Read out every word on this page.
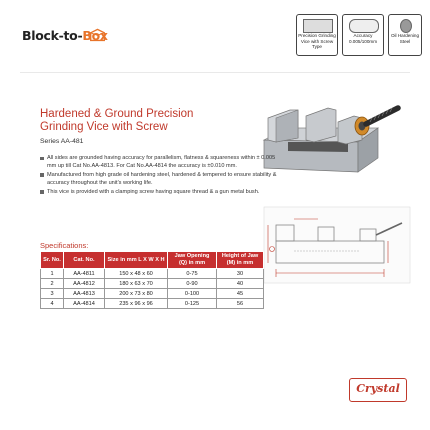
Block-to-Box	Precision Grinding Vice with Screw Type
Accuracy 0.005/100mm
Oil Hardening Steel
Hardened & Ground Precision Grinding Vice with Screw
Series AA-481
All sides are grounded having accuracy for parallelism, flatness & squareness within ± 0.005 mm up till Cat No.AA-4813. For Cat No.AA-4814 the accuracy is ±0.010 mm.
Manufactured from high grade oil hardening steel, hardened & tempered to ensure stability & accuracy throughout the unit's working life.
This vice is provided with a clamping screw having square thread & a gun metal bush.
Specifications:
Sr. No.	Cat. No.	Size in mm L X W X H	Jaw Opening (Q) in mm	Height of Jaw (M) in mm
1	AA-4811	150 x 48 x 60	0-75	30
2	AA-4812	180 x 63 x 70	0-90	40
3	AA-4813	200 x 73 x 80	0-100	45
4	AA-4814	235 x 96 x 96	0-125	56
Crystal
